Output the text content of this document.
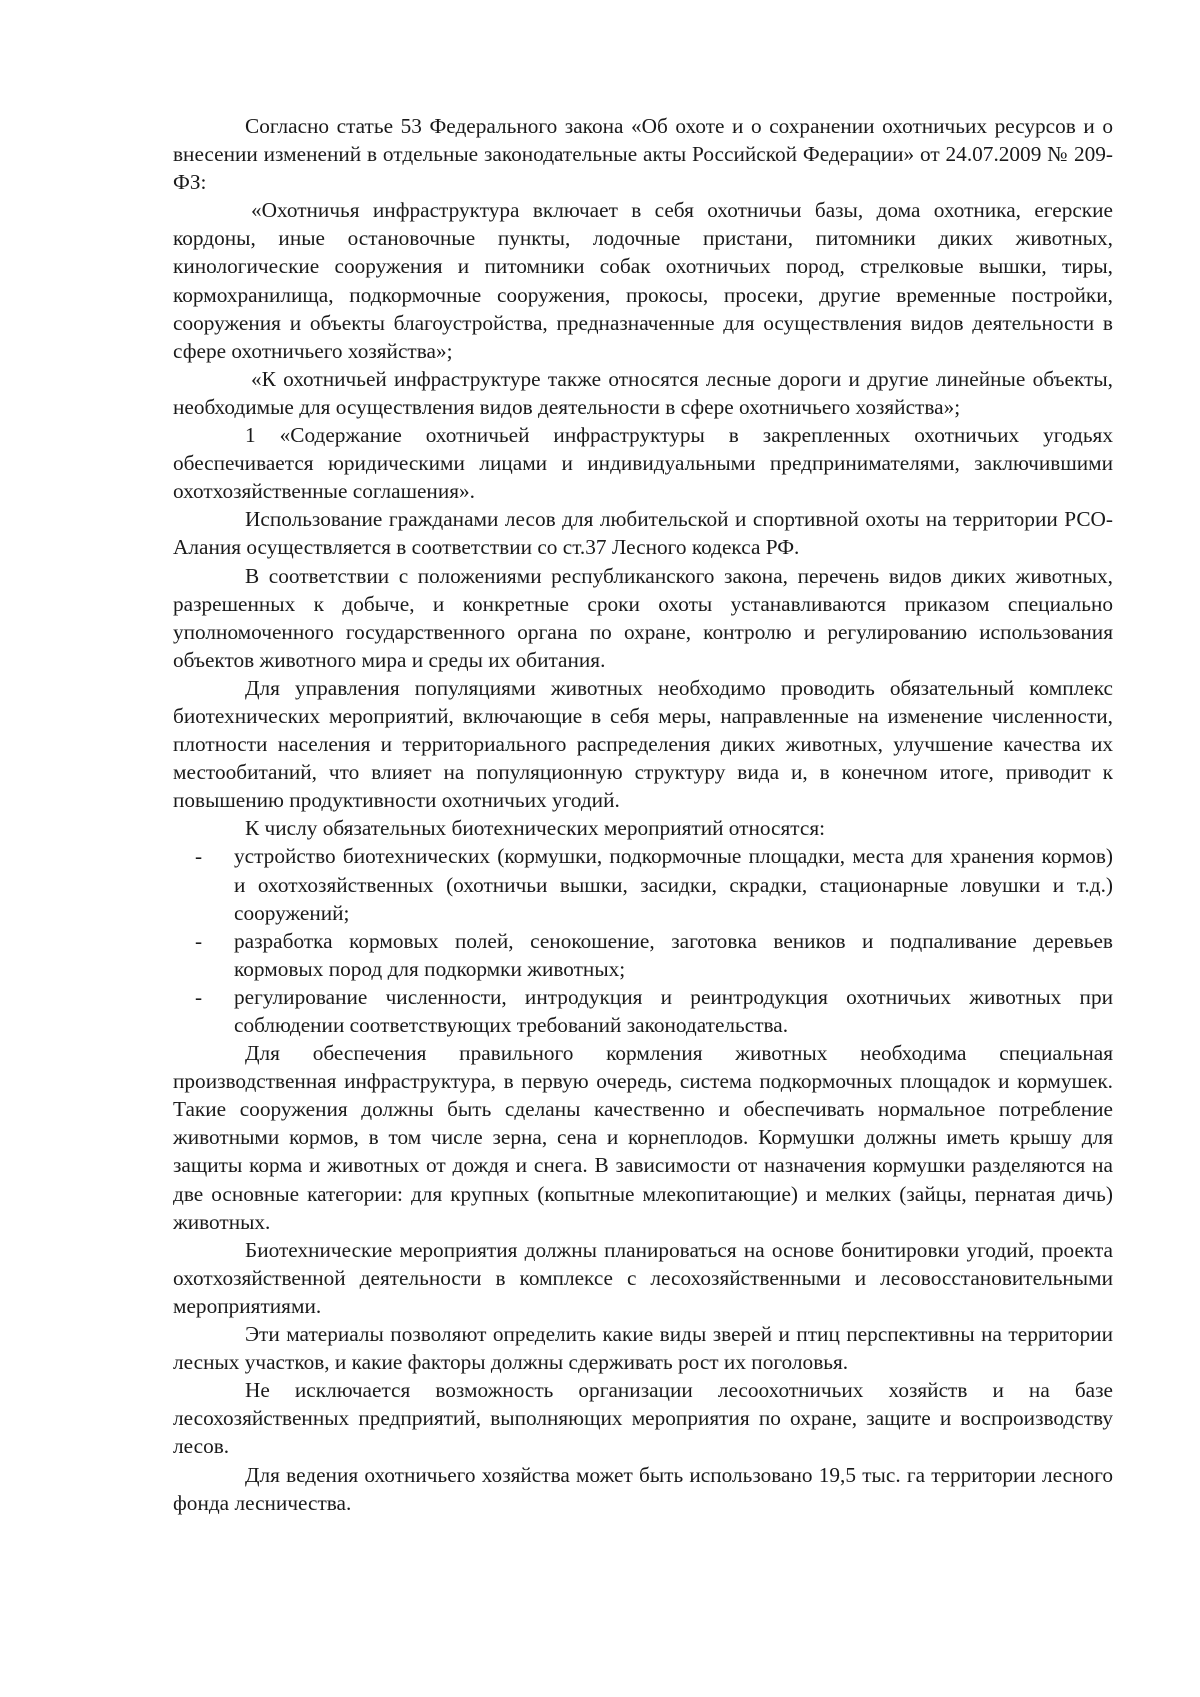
Согласно статье 53 Федерального закона «Об охоте и о сохранении охотничьих ресурсов и о внесении изменений в отдельные законодательные акты Российской Федерации» от 24.07.2009 № 209-ФЗ:

«Охотничья инфраструктура включает в себя охотничьи базы, дома охотника, егерские кордоны, иные остановочные пункты, лодочные пристани, питомники диких животных, кинологические сооружения и питомники собак охотничьих пород, стрелковые вышки, тиры, кормохранилища, подкормочные сооружения, прокосы, просеки, другие временные постройки, сооружения и объекты благоустройства, предназначенные для осуществления видов деятельности в сфере охотничьего хозяйства»;

«К охотничьей инфраструктуре также относятся лесные дороги и другие линейные объекты, необходимые для осуществления видов деятельности в сфере охотничьего хозяйства»;

1 «Содержание охотничьей инфраструктуры в закрепленных охотничьих угодьях обеспечивается юридическими лицами и индивидуальными предпринимателями, заключившими охотхозяйственные соглашения».

Использование гражданами лесов для любительской и спортивной охоты на территории РСО-Алания осуществляется в соответствии со ст.37 Лесного кодекса РФ.

В соответствии с положениями республиканского закона, перечень видов диких животных, разрешенных к добыче, и конкретные сроки охоты устанавливаются приказом специально уполномоченного государственного органа по охране, контролю и регулированию использования объектов животного мира и среды их обитания.

Для управления популяциями животных необходимо проводить обязательный комплекс биотехнических мероприятий, включающие в себя меры, направленные на изменение численности, плотности населения и территориального распределения диких животных, улучшение качества их местообитаний, что влияет на популяционную структуру вида и, в конечном итоге, приводит к повышению продуктивности охотничьих угодий.

К числу обязательных биотехнических мероприятий относятся:

- устройство биотехнических (кормушки, подкормочные площадки, места для хранения кормов) и охотхозяйственных (охотничьи вышки, засидки, скрадки, стационарные ловушки и т.д.) сооружений;
- разработка кормовых полей, сенокошение, заготовка веников и подпаливание деревьев кормовых пород для подкормки животных;
- регулирование численности, интродукция и реинтродукция охотничьих животных при соблюдении соответствующих требований законодательства.

Для обеспечения правильного кормления животных необходима специальная производственная инфраструктура, в первую очередь, система подкормочных площадок и кормушек. Такие сооружения должны быть сделаны качественно и обеспечивать нормальное потребление животными кормов, в том числе зерна, сена и корнеплодов. Кормушки должны иметь крышу для защиты корма и животных от дождя и снега. В зависимости от назначения кормушки разделяются на две основные категории: для крупных (копытные млекопитающие) и мелких (зайцы, пернатая дичь) животных.

Биотехнические мероприятия должны планироваться на основе бонитировки угодий, проекта охотхозяйственной деятельности в комплексе с лесохозяйственными и лесовосстановительными мероприятиями.

Эти материалы позволяют определить какие виды зверей и птиц перспективны на территории лесных участков, и какие факторы должны сдерживать рост их поголовья.

Не исключается возможность организации лесоохотничьих хозяйств и на базе лесохозяйственных предприятий, выполняющих мероприятия по охране, защите и воспроизводству лесов.

Для ведения охотничьего хозяйства может быть использовано 19,5 тыс. га территории лесного фонда лесничества.
